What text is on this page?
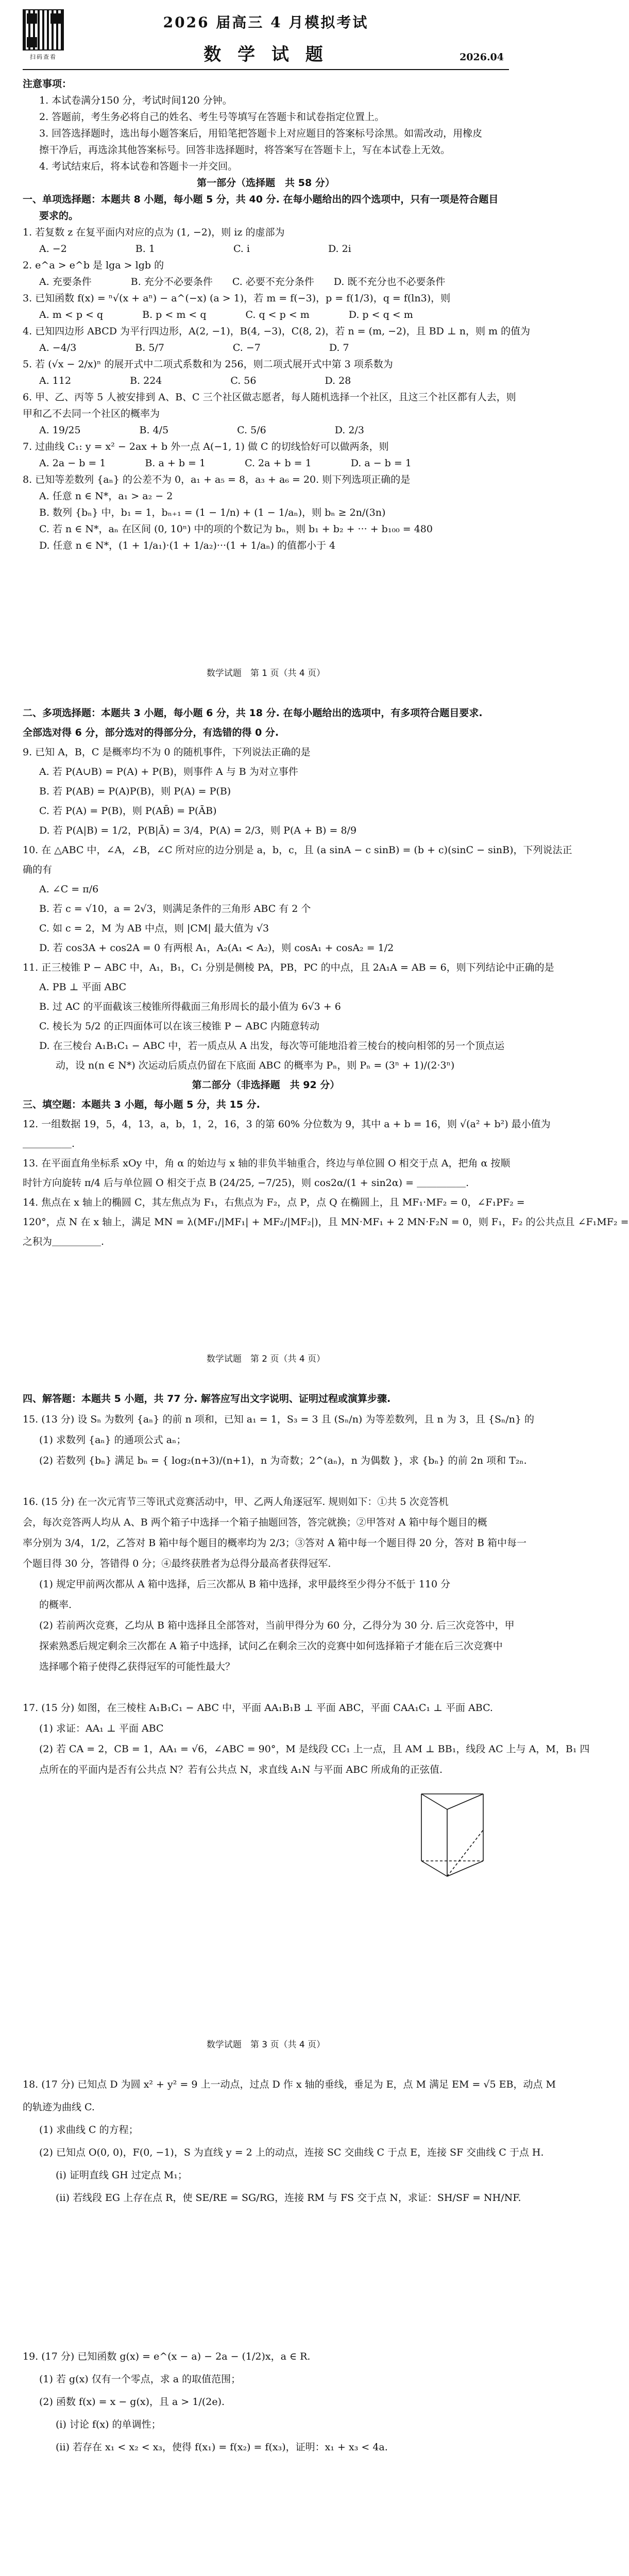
扫码查看
2026 届高三 4 月模拟考试
数 学 试 题	2026.04
注意事项：
1. 本试卷满分150 分，考试时间120 分钟。
2. 答题前，考生务必将自己的姓名、考生号等填写在答题卡和试卷指定位置上。
3. 回答选择题时，选出每小题答案后，用铅笔把答题卡上对应题目的答案标号涂黑。如需改动，用橡皮
擦干净后，再选涂其他答案标号。回答非选择题时，将答案写在答题卡上，写在本试卷上无效。
4. 考试结束后，将本试卷和答题卡一并交回。
第一部分（选择题　共 58 分）
一、单项选择题：本题共 8 小题，每小题 5 分，共 40 分. 在每小题给出的四个选项中，只有一项是符合题目
要求的。
1. 若复数 z 在复平面内对应的点为 (1, −2)，则 iz 的虚部为
A. −2　　　　　　　B. 1　　　　　　　　C. i　　　　　　　　D. 2i
2. e^a > e^b 是 lga > lgb 的
A. 充要条件　　　　B. 充分不必要条件　　C. 必要不充分条件　　D. 既不充分也不必要条件
3. 已知函数 f(x) = ⁿ√(x + aⁿ) − a^(−x) (a > 1)，若 m = f(−3)，p = f(1/3)，q = f(ln3)，则
A. m < p < q　　　　B. p < m < q　　　　C. q < p < m　　　　D. p < q < m
4. 已知四边形 ABCD 为平行四边形，A(2, −1)，B(4, −3)，C(8, 2)，若 n = (m, −2)，且 BD ⊥ n，则 m 的值为
A. −4/3　　　　　　B. 5/7　　　　　　　C. −7　　　　　　　D. 7
5. 若 (√x − 2/x)ⁿ 的展开式中二项式系数和为 256，则二项式展开式中第 3 项系数为
A. 112　　　　　　B. 224　　　　　　　C. 56　　　　　　　D. 28
6. 甲、乙、丙等 5 人被安排到 A、B、C 三个社区做志愿者，每人随机选择一个社区，且这三个社区都有人去，则
甲和乙不去同一个社区的概率为
A. 19/25　　　　　　B. 4/5　　　　　　　C. 5/6　　　　　　　D. 2/3
7. 过曲线 C₁: y = x² − 2ax + b 外一点 A(−1, 1) 做 C 的切线恰好可以做两条，则
A. 2a − b = 1　　　　B. a + b = 1　　　　C. 2a + b = 1　　　　D. a − b = 1
8. 已知等差数列 {aₙ} 的公差不为 0，a₁ + a₅ = 8，a₃ + a₆ = 20. 则下列选项正确的是
A. 任意 n ∈ N*，a₁ > a₂ − 2
B. 数列 {bₙ} 中，b₁ = 1，bₙ₊₁ = (1 − 1/n) + (1 − 1/aₙ)，则 bₙ ≥ 2n/(3n)
C. 若 n ∈ N*，aₙ 在区间 (0, 10ⁿ) 中的项的个数记为 bₙ，则 b₁ + b₂ + ··· + b₁₀₀ = 480
D. 任意 n ∈ N*，(1 + 1/a₁)·(1 + 1/a₂)···(1 + 1/aₙ) 的值都小于 4
数学试题　第 1 页（共 4 页）
二、多项选择题：本题共 3 小题，每小题 6 分，共 18 分. 在每小题给出的选项中，有多项符合题目要求.
全部选对得 6 分，部分选对的得部分分，有选错的得 0 分.
9. 已知 A，B，C 是概率均不为 0 的随机事件，下列说法正确的是
A. 若 P(A∪B) = P(A) + P(B)，则事件 A 与 B 为对立事件
B. 若 P(AB) = P(A)P(B)，则 P(A) = P(B)
C. 若 P(A) = P(B)，则 P(AB̄) = P(ĀB)
D. 若 P(A|B) = 1/2，P(B|Ā) = 3/4，P(A) = 2/3，则 P(A + B) = 8/9
10. 在 △ABC 中，∠A，∠B，∠C 所对应的边分别是 a，b，c，且 (a sinA − c sinB) = (b + c)(sinC − sinB)，下列说法正
确的有
A. ∠C = π/6
B. 若 c = √10，a = 2√3，则满足条件的三角形 ABC 有 2 个
C. 如 c = 2，M 为 AB 中点，则 |CM| 最大值为 √3
D. 若 cos3A + cos2A = 0 有两根 A₁，A₂(A₁ < A₂)，则 cosA₁ + cosA₂ = 1/2
11. 正三棱锥 P − ABC 中，A₁，B₁，C₁ 分别是侧棱 PA，PB，PC 的中点，且 2A₁A = AB = 6，则下列结论中正确的是
A. PB ⊥ 平面 ABC
B. 过 AC 的平面截该三棱锥所得截面三角形周长的最小值为 6√3 + 6
C. 棱长为 5/2 的正四面体可以在该三棱锥 P − ABC 内随意转动
D. 在三棱台 A₁B₁C₁ − ABC 中，若一质点从 A 出发，每次等可能地沿着三棱台的棱向相邻的另一个顶点运
动，设 n(n ∈ N*) 次运动后质点仍留在下底面 ABC 的概率为 Pₙ，则 Pₙ = (3ⁿ + 1)/(2·3ⁿ)
第二部分（非选择题　共 92 分）
三、填空题：本题共 3 小题，每小题 5 分，共 15 分.
12. 一组数据 19，5，4，13，a，b，1，2，16，3 的第 60% 分位数为 9，其中 a + b = 16，则 √(a² + b²) 最小值为
＿＿＿＿＿.
13. 在平面直角坐标系 xOy 中，角 α 的始边与 x 轴的非负半轴重合，终边与单位圆 O 相交于点 A，把角 α 按顺
时针方向旋转 π/4 后与单位圆 O 相交于点 B (24/25, −7/25)，则 cos2α/(1 + sin2α) = ＿＿＿＿＿.
14. 焦点在 x 轴上的椭圆 C，其左焦点为 F₁，右焦点为 F₂，点 P，点 Q 在椭圆上，且 MF₁·MF₂ = 0，∠F₁PF₂ =
120°，点 N 在 x 轴上，满足 MN = λ(MF₁/|MF₁| + MF₂/|MF₂|)，且 MN·MF₁ + 2 MN·F₂N = 0，则 F₁，F₂ 的公共点且 ∠F₁MF₂ =
之积为＿＿＿＿＿.
数学试题　第 2 页（共 4 页）
四、解答题：本题共 5 小题，共 77 分. 解答应写出文字说明、证明过程或演算步骤.
15. (13 分) 设 Sₙ 为数列 {aₙ} 的前 n 项和，已知 a₁ = 1，S₃ = 3 且 (Sₙ/n) 为等差数列，且 n 为 3，且 {Sₙ/n} 的
(1) 求数列 {aₙ} 的通项公式 aₙ；
(2) 若数列 {bₙ} 满足 bₙ = { log₂(n+3)/(n+1)，n 为奇数；2^(aₙ)，n 为偶数 }，求 {bₙ} 的前 2n 项和 T₂ₙ.
16. (15 分) 在一次元宵节三等讯式竞赛活动中，甲、乙两人角逐冠军. 规则如下：①共 5 次竞答机
会，每次竞答两人均从 A、B 两个箱子中选择一个箱子抽题回答，答完就换；②甲答对 A 箱中每个题目的概
率分别为 3/4，1/2，乙答对 B 箱中每个题目的概率均为 2/3；③答对 A 箱中每一个题目得 20 分，答对 B 箱中每一
个题目得 30 分，答错得 0 分；④最终获胜者为总得分最高者获得冠军.
(1) 规定甲前两次都从 A 箱中选择，后三次都从 B 箱中选择，求甲最终至少得分不低于 110 分
的概率.
(2) 若前两次竞赛，乙均从 B 箱中选择且全部答对，当前甲得分为 60 分，乙得分为 30 分. 后三次竞答中，甲
探索熟悉后规定剩余三次都在 A 箱子中选择，试问乙在剩余三次的竞赛中如何选择箱子才能在后三次竞赛中
选择哪个箱子使得乙获得冠军的可能性最大？
17. (15 分) 如图，在三棱柱 A₁B₁C₁ − ABC 中，平面 AA₁B₁B ⊥ 平面 ABC，平面 CAA₁C₁ ⊥ 平面 ABC.
(1) 求证：AA₁ ⊥ 平面 ABC
(2) 若 CA = 2，CB = 1，AA₁ = √6，∠ABC = 90°，M 是线段 CC₁ 上一点，且 AM ⊥ BB₁，线段 AC 上与 A，M，B₁ 四
点所在的平面内是否有公共点 N？若有公共点 N，求直线 A₁N 与平面 ABC 所成角的正弦值.
数学试题　第 3 页（共 4 页）
18. (17 分) 已知点 D 为圆 x² + y² = 9 上一动点，过点 D 作 x 轴的垂线，垂足为 E，点 M 满足 EM = √5 EB，动点 M
的轨迹为曲线 C.
(1) 求曲线 C 的方程；
(2) 已知点 O(0, 0)，F(0, −1)，S 为直线 y = 2 上的动点，连接 SC 交曲线 C 于点 E，连接 SF 交曲线 C 于点 H.
(i) 证明直线 GH 过定点 M₁；
(ii) 若线段 EG 上存在点 R，使 SE/RE = SG/RG，连接 RM 与 FS 交于点 N，求证：SH/SF = NH/NF.
19. (17 分) 已知函数 g(x) = e^(x − a) − 2a − (1/2)x，a ∈ R.
(1) 若 g(x) 仅有一个零点，求 a 的取值范围；
(2) 函数 f(x) = x − g(x)，且 a > 1/(2e).
(i) 讨论 f(x) 的单调性；
(ii) 若存在 x₁ < x₂ < x₃，使得 f(x₁) = f(x₂) = f(x₃)，证明：x₁ + x₃ < 4a.
